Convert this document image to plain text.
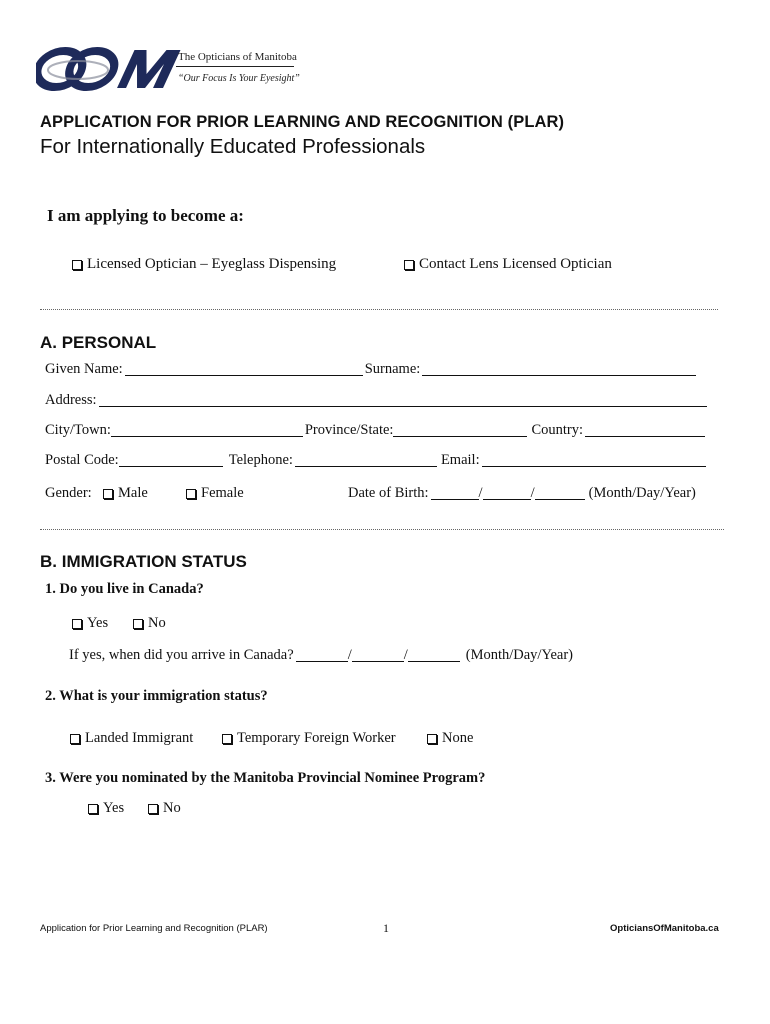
The Opticians of Manitoba
“Our Focus Is Your Eyesight”
APPLICATION FOR PRIOR LEARNING AND RECOGNITION (PLAR)
For Internationally Educated Professionals
I am applying to become a:
Licensed Optician – Eyeglass Dispensing	Contact Lens Licensed Optician
A. PERSONAL
Given Name:	Surname:
Address:
City/Town:	Province/State:	Country:
Postal Code:	Telephone:	Email:
Gender: Male	Female	Date of Birth:	/	/	(Month/Day/Year)
B. IMMIGRATION STATUS
1. Do you live in Canada?
Yes	No
If yes, when did you arrive in Canada?	/	/	(Month/Day/Year)
2. What is your immigration status?
Landed Immigrant	Temporary Foreign Worker	None
3. Were you nominated by the Manitoba Provincial Nominee Program?
Yes	No
Application for Prior Learning and Recognition (PLAR)	1	OpticiansOfManitoba.ca
